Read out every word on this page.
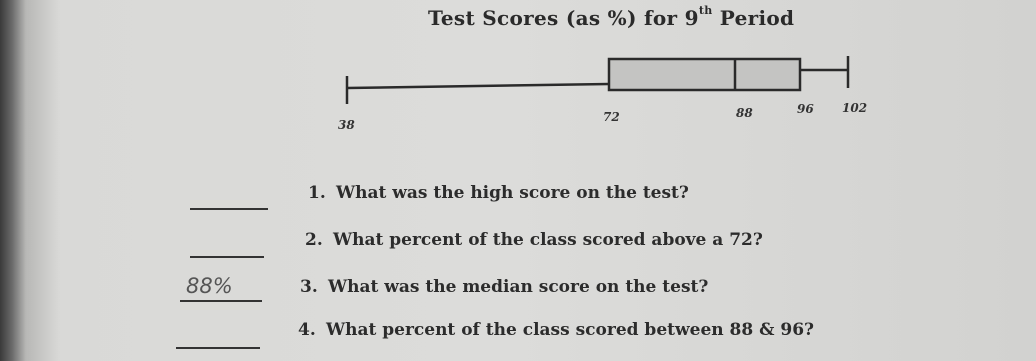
Test Scores (as %) for 9th Period
38
72	88	96 102
1. What was the high score on the test?
2. What percent of the class scored above a 72?
88%	3. What was the median score on the test?
4. What percent of the class scored between 88 & 96?
